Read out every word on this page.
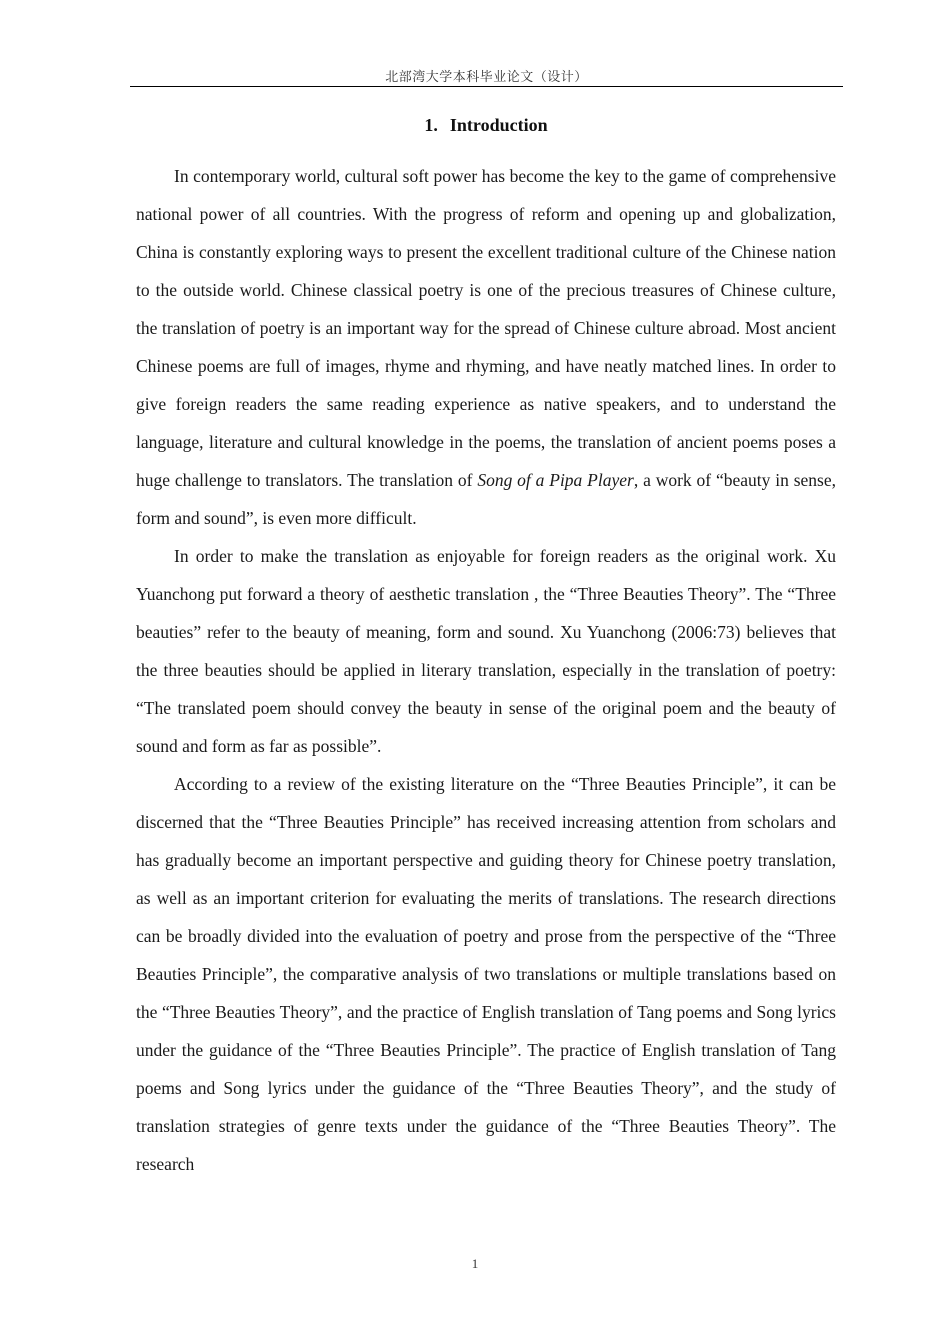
北部湾大学本科毕业论文（设计）
1. Introduction

In contemporary world, cultural soft power has become the key to the game of comprehensive national power of all countries. With the progress of reform and opening up and globalization, China is constantly exploring ways to present the excellent traditional culture of the Chinese nation to the outside world. Chinese classical poetry is one of the precious treasures of Chinese culture, the translation of poetry is an important way for the spread of Chinese culture abroad. Most ancient Chinese poems are full of images, rhyme and rhyming, and have neatly matched lines. In order to give foreign readers the same reading experience as native speakers, and to understand the language, literature and cultural knowledge in the poems, the translation of ancient poems poses a huge challenge to translators. The translation of Song of a Pipa Player, a work of “beauty in sense, form and sound”, is even more difficult.

In order to make the translation as enjoyable for foreign readers as the original work. Xu Yuanchong put forward a theory of aesthetic translation , the “Three Beauties Theory”. The “Three beauties” refer to the beauty of meaning, form and sound. Xu Yuanchong (2006:73) believes that the three beauties should be applied in literary translation, especially in the translation of poetry: “The translated poem should convey the beauty in sense of the original poem and the beauty of sound and form as far as possible”.

According to a review of the existing literature on the “Three Beauties Principle”, it can be discerned that the “Three Beauties Principle” has received increasing attention from scholars and has gradually become an important perspective and guiding theory for Chinese poetry translation, as well as an important criterion for evaluating the merits of translations. The research directions can be broadly divided into the evaluation of poetry and prose from the perspective of the “Three Beauties Principle”, the comparative analysis of two translations or multiple translations based on the “Three Beauties Theory”, and the practice of English translation of Tang poems and Song lyrics under the guidance of the “Three Beauties Principle”. The practice of English translation of Tang poems and Song lyrics under the guidance of the “Three Beauties Theory”, and the study of translation strategies of genre texts under the guidance of the “Three Beauties Theory”. The research

1
